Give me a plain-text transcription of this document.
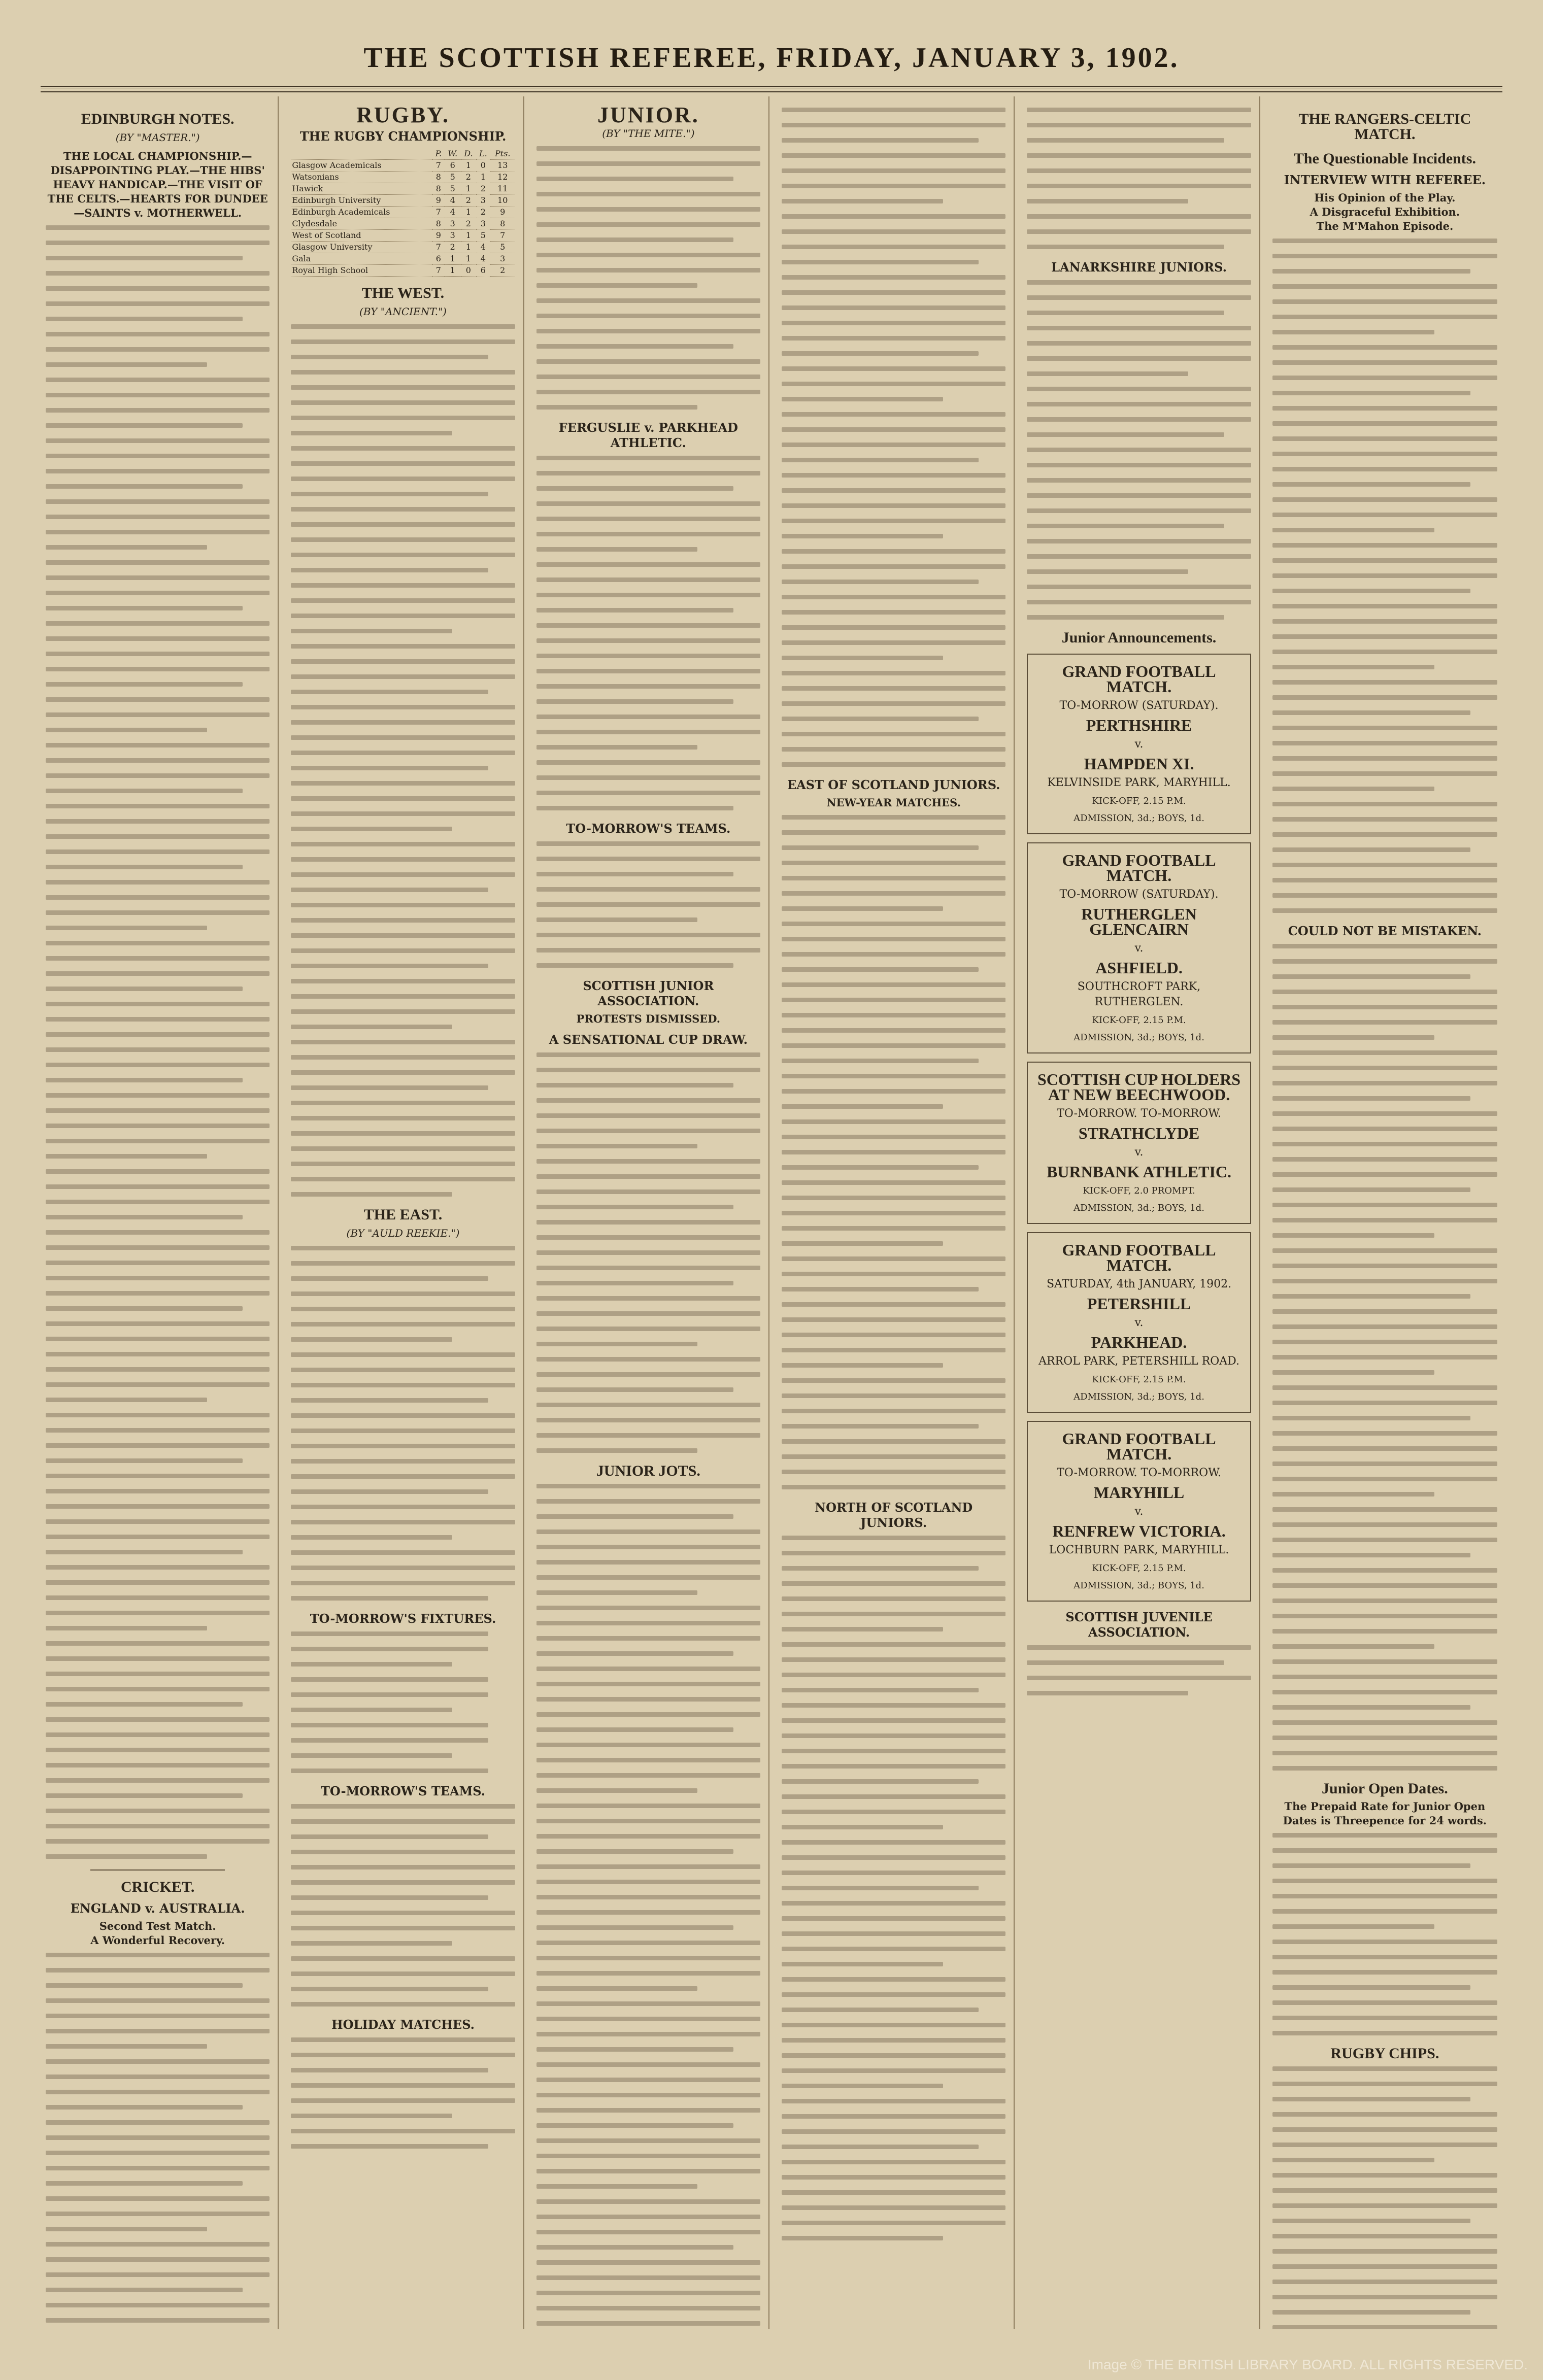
THE SCOTTISH REFEREE, FRIDAY, JANUARY 3, 1902.
EDINBURGH NOTES.
(BY "MASTER.")
THE LOCAL CHAMPIONSHIP.—DISAPPOINTING PLAY.—THE HIBS' HEAVY HANDICAP.—THE VISIT OF THE CELTS.—HEARTS FOR DUNDEE—SAINTS v. MOTHERWELL.
CRICKET.
ENGLAND v. AUSTRALIA.
Second Test Match.
A Wonderful Recovery.
RUGBY.
THE RUGBY CHAMPIONSHIP.
	P.	W.	D.	L.	Pts.
Glasgow Academicals	7	6	1	0	13
Watsonians	8	5	2	1	12
Hawick	8	5	1	2	11
Edinburgh University	9	4	2	3	10
Edinburgh Academicals	7	4	1	2	9
Clydesdale	8	3	2	3	8
West of Scotland	9	3	1	5	7
Glasgow University	7	2	1	4	5
Gala	6	1	1	4	3
Royal High School	7	1	0	6	2
THE WEST.
(BY "ANCIENT.")
THE EAST.
(BY "AULD REEKIE.")
TO-MORROW'S FIXTURES.
TO-MORROW'S TEAMS.
HOLIDAY MATCHES.
JUNIOR.
(BY "THE MITE.")
FERGUSLIE v. PARKHEAD ATHLETIC.
TO-MORROW'S TEAMS.
SCOTTISH JUNIOR ASSOCIATION.
PROTESTS DISMISSED.
A SENSATIONAL CUP DRAW.
JUNIOR JOTS.
EAST OF SCOTLAND JUNIORS.
NEW-YEAR MATCHES.
NORTH OF SCOTLAND JUNIORS.
LANARKSHIRE JUNIORS.
Junior Announcements.
GRAND FOOTBALL MATCH.
TO-MORROW (SATURDAY).
PERTHSHIRE
v.
HAMPDEN XI.
KELVINSIDE PARK, MARYHILL.
KICK-OFF, 2.15 P.M.
ADMISSION, 3d.; BOYS, 1d.
GRAND FOOTBALL MATCH.
TO-MORROW (SATURDAY).
RUTHERGLEN GLENCAIRN
v.
ASHFIELD.
SOUTHCROFT PARK, RUTHERGLEN.
KICK-OFF, 2.15 P.M.
ADMISSION, 3d.; BOYS, 1d.
SCOTTISH CUP HOLDERS AT NEW BEECHWOOD.
TO-MORROW. TO-MORROW.
STRATHCLYDE
v.
BURNBANK ATHLETIC.
KICK-OFF, 2.0 PROMPT.
ADMISSION, 3d.; BOYS, 1d.
GRAND FOOTBALL MATCH.
SATURDAY, 4th JANUARY, 1902.
PETERSHILL
v.
PARKHEAD.
ARROL PARK, PETERSHILL ROAD.
KICK-OFF, 2.15 P.M.
ADMISSION, 3d.; BOYS, 1d.
GRAND FOOTBALL MATCH.
TO-MORROW. TO-MORROW.
MARYHILL
v.
RENFREW VICTORIA.
LOCHBURN PARK, MARYHILL.
KICK-OFF, 2.15 P.M.
ADMISSION, 3d.; BOYS, 1d.
SCOTTISH JUVENILE ASSOCIATION.
THE RANGERS-CELTIC MATCH.
The Questionable Incidents.
INTERVIEW WITH REFEREE.
His Opinion of the Play.
A Disgraceful Exhibition.
The M'Mahon Episode.
COULD NOT BE MISTAKEN.
Junior Open Dates.
The Prepaid Rate for Junior Open Dates is Threepence for 24 words.
RUGBY CHIPS.
Image © THE BRITISH LIBRARY BOARD. ALL RIGHTS RESERVED.
